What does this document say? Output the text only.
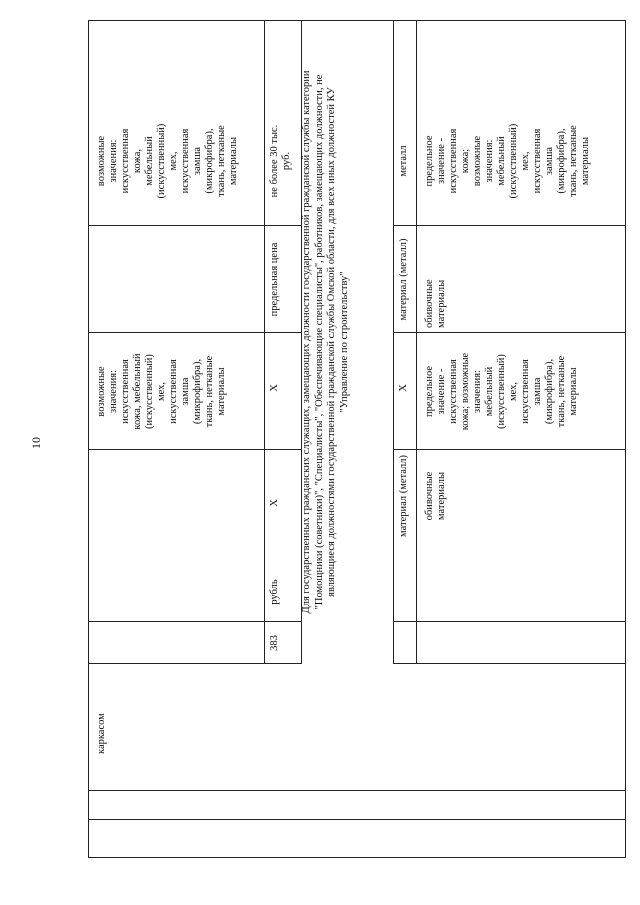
10
каркасом
возможные
значения:
искусственная
кожа, мебельный
(искусственный)
мех,
искусственная
замша
(микрофибра),
ткань, нетканые
материалы
возможные
значения:
искусственная
кожа,
мебельный
(искусственный)
мех,
искусственная
замша
(микрофибра),
ткань, нетканые
материалы
383
рубль
X
X
предельная цена
не более 30 тыс.
руб.
Для государственных гражданских служащих, замещающих должности государственной гражданской службы категории
"Помощники (советники)", "Специалисты", "Обеспечивающие специалисты", работников, замещающих должности, не
являющиеся должностями государственной гражданской службы Омской области, для всех иных должностей КУ
"Управление по строительству"
материал (металл)
X
материал (металл)
металл
обивочные
материалы
предельное
значение -
искусственная
кожа; возможные
значения:
мебельный
(искусственный)
мех,
искусственная
замша
(микрофибра),
ткань, нетканые
материалы
обивочные
материалы
предельное
значение -
искусственная
кожа;
возможные
значения:
мебельный
(искусственный)
мех,
искусственная
замша
(микрофибра),
ткань, нетканые
материалы
